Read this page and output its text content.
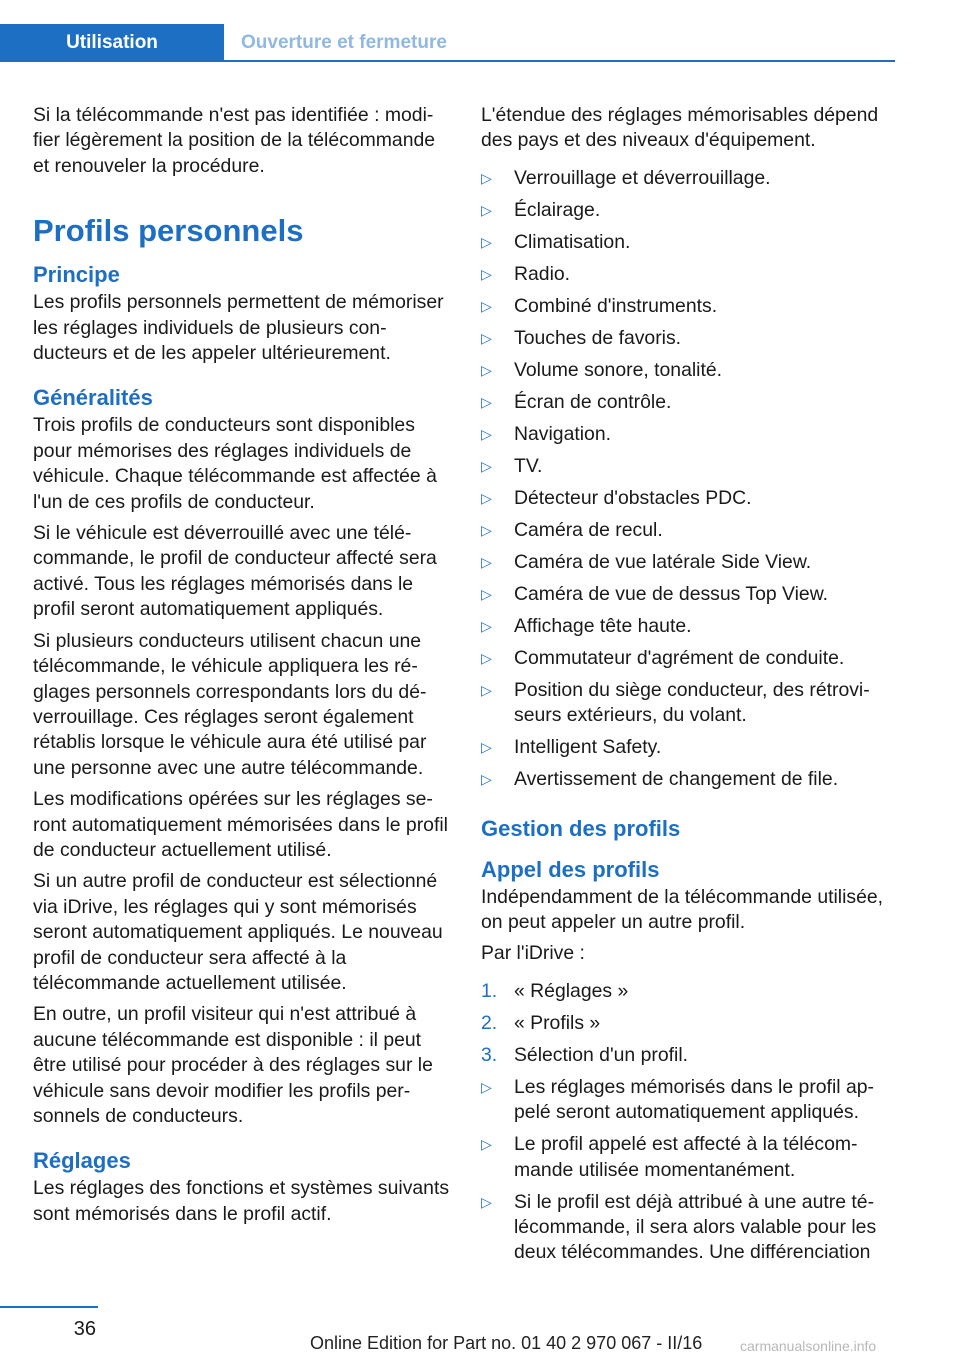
Utilisation	Ouverture et fermeture

Si la télécommande n'est pas identifiée : modifier légèrement la position de la télécommande et renouveler la procédure.

Profils personnels
Principe

Les profils personnels permettent de mémoriser les réglages individuels de plusieurs conducteurs et de les appeler ultérieurement.

Généralités

Trois profils de conducteurs sont disponibles pour mémorises des réglages individuels de véhicule. Chaque télécommande est affectée à l'un de ces profils de conducteur.

Si le véhicule est déverrouillé avec une télécommande, le profil de conducteur affecté sera activé. Tous les réglages mémorisés dans le profil seront automatiquement appliqués.

Si plusieurs conducteurs utilisent chacun une télécommande, le véhicule appliquera les réglages personnels correspondants lors du déverrouillage. Ces réglages seront également rétablis lorsque le véhicule aura été utilisé par une personne avec une autre télécommande.

Les modifications opérées sur les réglages seront automatiquement mémorisées dans le profil de conducteur actuellement utilisé.

Si un autre profil de conducteur est sélectionné via iDrive, les réglages qui y sont mémorisés seront automatiquement appliqués. Le nouveau profil de conducteur sera affecté à la télécommande actuellement utilisée.

En outre, un profil visiteur qui n'est attribué à aucune télécommande est disponible : il peut être utilisé pour procéder à des réglages sur le véhicule sans devoir modifier les profils personnels de conducteurs.

Réglages

Les réglages des fonctions et systèmes suivants sont mémorisés dans le profil actif.

L'étendue des réglages mémorisables dépend des pays et des niveaux d'équipement.

▷	Verrouillage et déverrouillage.
▷	Éclairage.
▷	Climatisation.
▷	Radio.
▷	Combiné d'instruments.
▷	Touches de favoris.
▷	Volume sonore, tonalité.
▷	Écran de contrôle.
▷	Navigation.
▷	TV.
▷	Détecteur d'obstacles PDC.
▷	Caméra de recul.
▷	Caméra de vue latérale Side View.
▷	Caméra de vue de dessus Top View.
▷	Affichage tête haute.
▷	Commutateur d'agrément de conduite.
▷	Position du siège conducteur, des rétroviseurs extérieurs, du volant.
▷	Intelligent Safety.
▷	Avertissement de changement de file.
Gestion des profils
Appel des profils

Indépendamment de la télécommande utilisée, on peut appeler un autre profil.

Par l'iDrive :

1. « Réglages »
2. « Profils »
3. Sélection d'un profil.
▷	Les réglages mémorisés dans le profil appelé seront automatiquement appliqués.
▷	Le profil appelé est affecté à la télécommande utilisée momentanément.
▷	Si le profil est déjà attribué à une autre télécommande, il sera alors valable pour les deux télécommandes. Une différenciation
36
Online Edition for Part no. 01 40 2 970 067 - II/16	carmanualsonline.info
